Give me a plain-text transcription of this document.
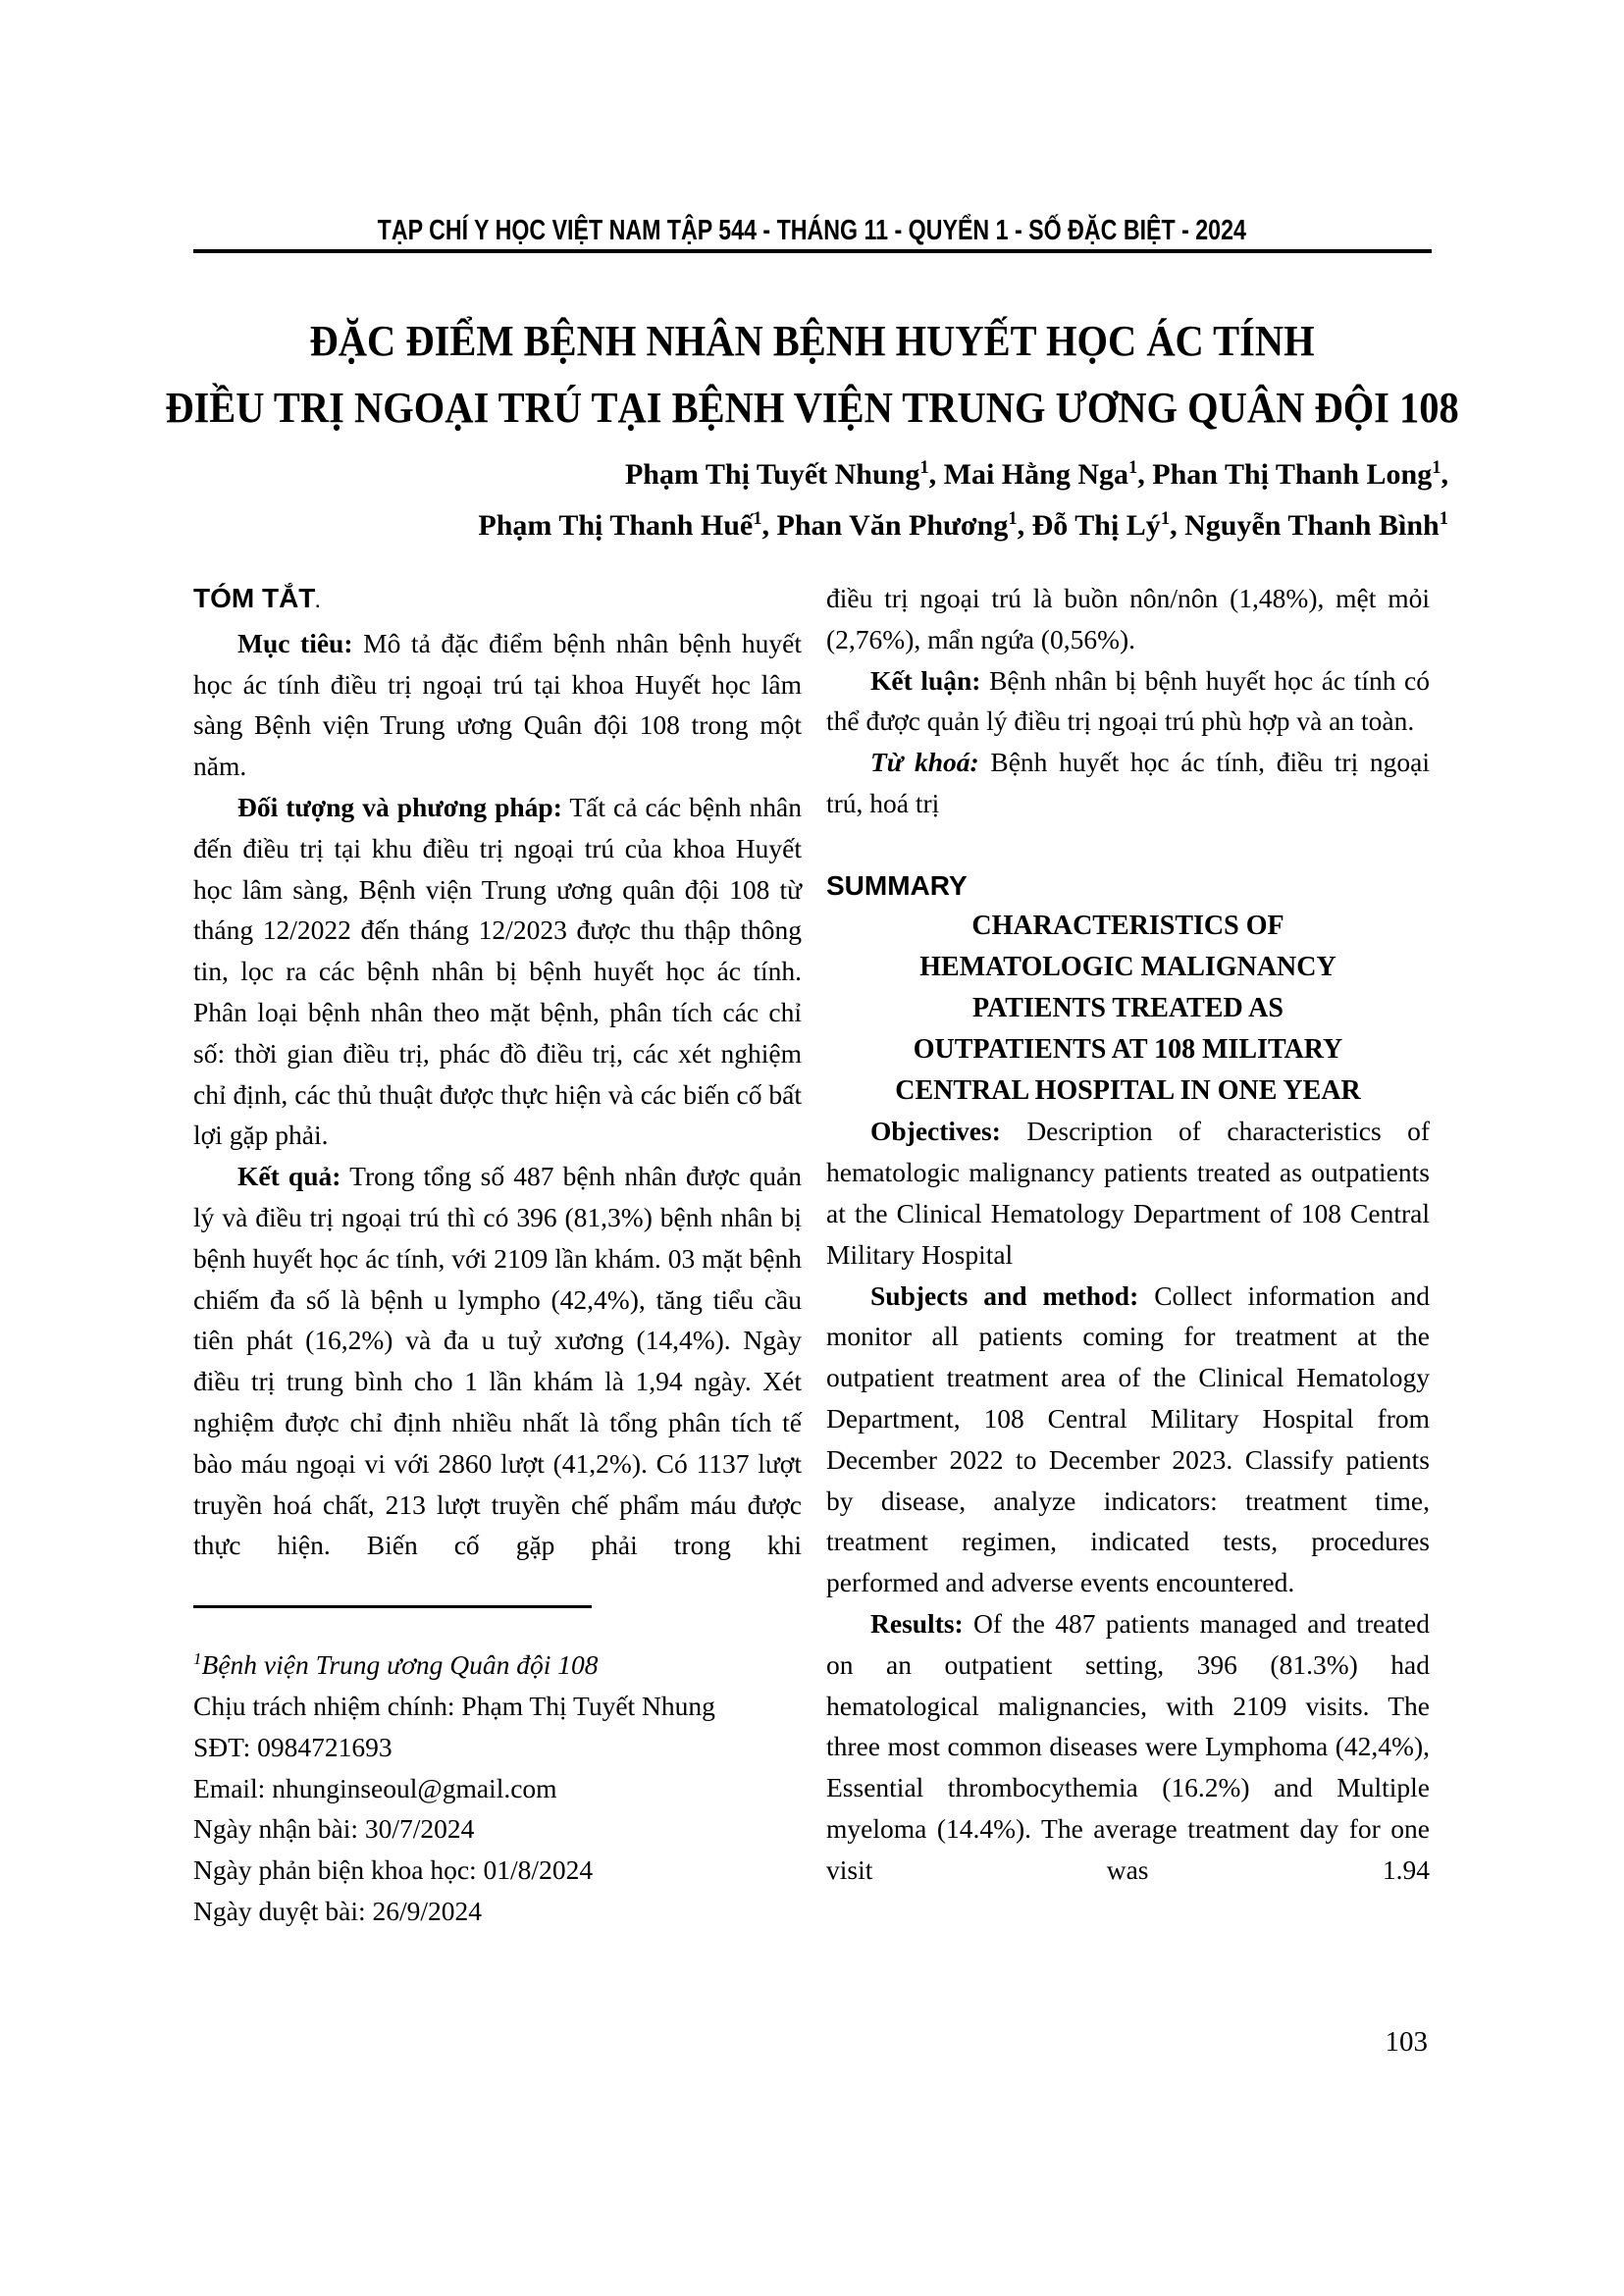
TẠP CHÍ Y HỌC VIỆT NAM TẬP 544 - THÁNG 11 - QUYỂN 1 - SỐ ĐẶC BIỆT - 2024
ĐẶC ĐIỂM BỆNH NHÂN BỆNH HUYẾT HỌC ÁC TÍNH
ĐIỀU TRỊ NGOẠI TRÚ TẠI BỆNH VIỆN TRUNG ƯƠNG QUÂN ĐỘI 108
Phạm Thị Tuyết Nhung$^1$, Mai Hằng Nga$^1$, Phan Thị Thanh Long$^1$,
Phạm Thị Thanh Huế$^1$, Phan Văn Phương$^1$, Đỗ Thị $Lý^1$, Nguyễn Thanh Bình$^1$
TÓM TẮT.

Mục tiêu: Mô tả đặc điểm bệnh nhân bệnh huyết học ác tính điều trị ngoại trú tại khoa Huyết học lâm sàng Bệnh viện Trung ương Quân đội 108 trong một năm.

Đối tượng và phương pháp: Tất cả các bệnh nhân đến điều trị tại khu điều trị ngoại trú của khoa Huyết học lâm sàng, Bệnh viện Trung ương quân đội 108 từ tháng 12/2022 đến tháng 12/2023 được thu thập thông tin, lọc ra các bệnh nhân bị bệnh huyết học ác tính. Phân loại bệnh nhân theo mặt bệnh, phân tích các chỉ số: thời gian điều trị, phác đồ điều trị, các xét nghiệm chỉ định, các thủ thuật được thực hiện và các biến cố bất lợi gặp phải.

Kết quả: Trong tổng số 487 bệnh nhân được quản lý và điều trị ngoại trú thì có 396 (81,3%) bệnh nhân bị bệnh huyết học ác tính, với 2109 lần khám. 03 mặt bệnh chiếm đa số là bệnh u lympho (42,4%), tăng tiểu cầu tiên phát (16,2%) và đa u tuỷ xương (14,4%). Ngày điều trị trung bình cho 1 lần khám là 1,94 ngày. Xét nghiệm được chỉ định nhiều nhất là tổng phân tích tế bào máu ngoại vi với 2860 lượt (41,2%). Có 1137 lượt truyền hoá chất, 213 lượt truyền chế phẩm máu được thực hiện. Biến cố gặp phải trong khi

$^1$Bệnh viện Trung ương Quân đội 108
Chịu trách nhiệm chính: Phạm Thị Tuyết Nhung
SĐT: 0984721693
Email: nhunginseoul@gmail.com
Ngày nhận bài: 30/7/2024
Ngày phản biện khoa học: 01/8/2024
Ngày duyệt bài: 26/9/2024

điều trị ngoại trú là buồn nôn/nôn (1,48%), mệt mỏi (2,76%), mẩn ngứa (0,56%).

Kết luận: Bệnh nhân bị bệnh huyết học ác tính có thể được quản lý điều trị ngoại trú phù hợp và an toàn.

Từ khoá: Bệnh huyết học ác tính, điều trị ngoại trú, hoá trị

SUMMARY
CHARACTERISTICS OF
HEMATOLOGIC MALIGNANCY
PATIENTS TREATED AS
OUTPATIENTS AT 108 MILITARY
CENTRAL HOSPITAL IN ONE YEAR

Objectives: Description of characteristics of hematologic malignancy patients treated as outpatients at the Clinical Hematology Department of 108 Central Military Hospital

Subjects and method: Collect information and monitor all patients coming for treatment at the outpatient treatment area of the Clinical Hematology Department, 108 Central Military Hospital from December 2022 to December 2023. Classify patients by disease, analyze indicators: treatment time, treatment regimen, indicated tests, procedures performed and adverse events encountered.

Results: Of the 487 patients managed and treated on an outpatient setting, 396 (81.3%) had hematological malignancies, with 2109 visits. The three most common diseases were Lymphoma (42,4%), Essential thrombocythemia (16.2%) and Multiple myeloma (14.4%). The average treatment day for one visit was 1.94

103
